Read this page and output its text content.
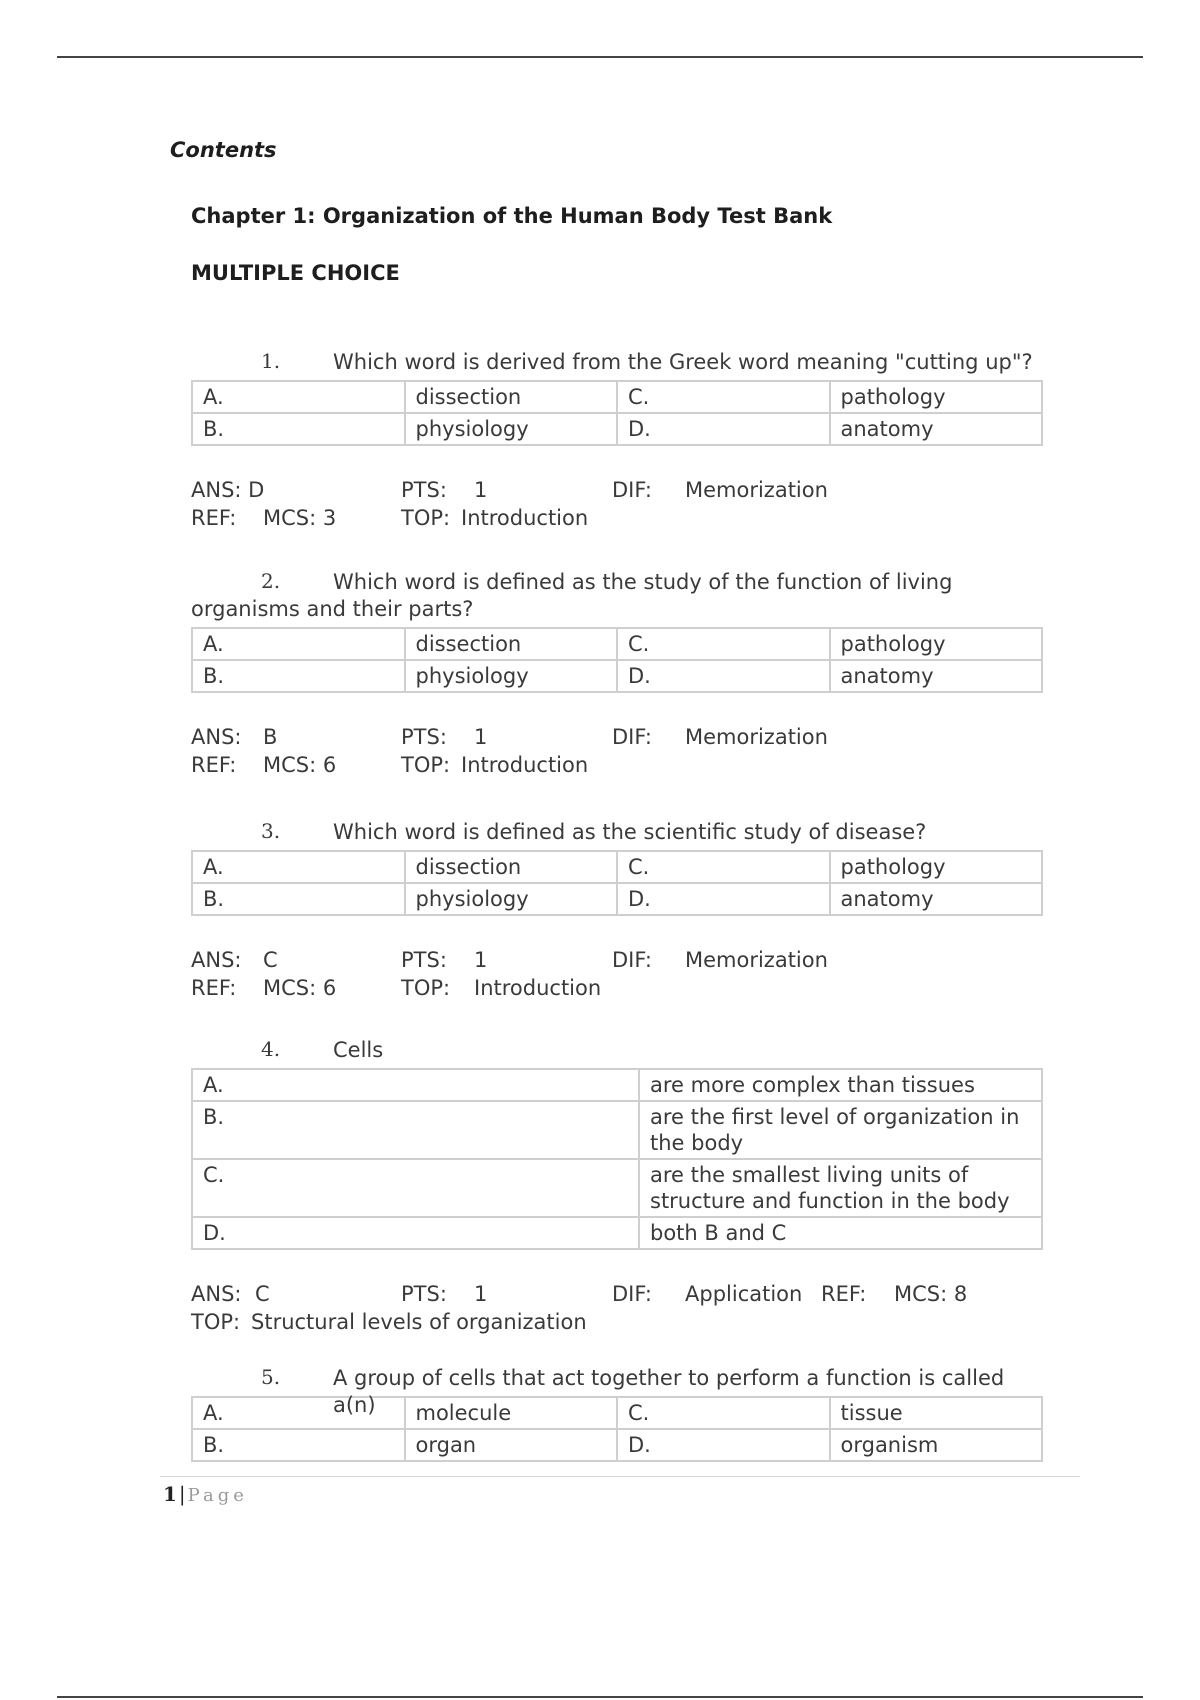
Contents
Chapter 1: Organization of the Human Body Test Bank
MULTIPLE CHOICE
1.	Which word is derived from the Greek word meaning "cutting up"?
A.	dissection	C.	pathology
B.	physiology	D.	anatomy
ANS: D	PTS: 1	DIF: Memorization
REF: MCS: 3	TOP: Introduction
2.	Which word is defined as the study of the function of living organisms and their parts?
A.	dissection	C.	pathology
B.	physiology	D.	anatomy
ANS: B	PTS: 1	DIF: Memorization
REF: MCS: 6	TOP: Introduction
3.	Which word is defined as the scientific study of disease?
A.	dissection	C.	pathology
B.	physiology	D.	anatomy
ANS: C	PTS: 1	DIF: Memorization
REF: MCS: 6	TOP: Introduction
4.	Cells
A.	are more complex than tissues
B.	are the first level of organization in the body
C.	are the smallest living units of structure and function in the body
D.	both B and C
ANS: C	PTS: 1	DIF: Application REF: MCS: 8
TOP: Structural levels of organization
5.	A group of cells that act together to perform a function is called a(n)
A.	molecule	C.	tissue
B.	organ	D.	organism
1 | Page
